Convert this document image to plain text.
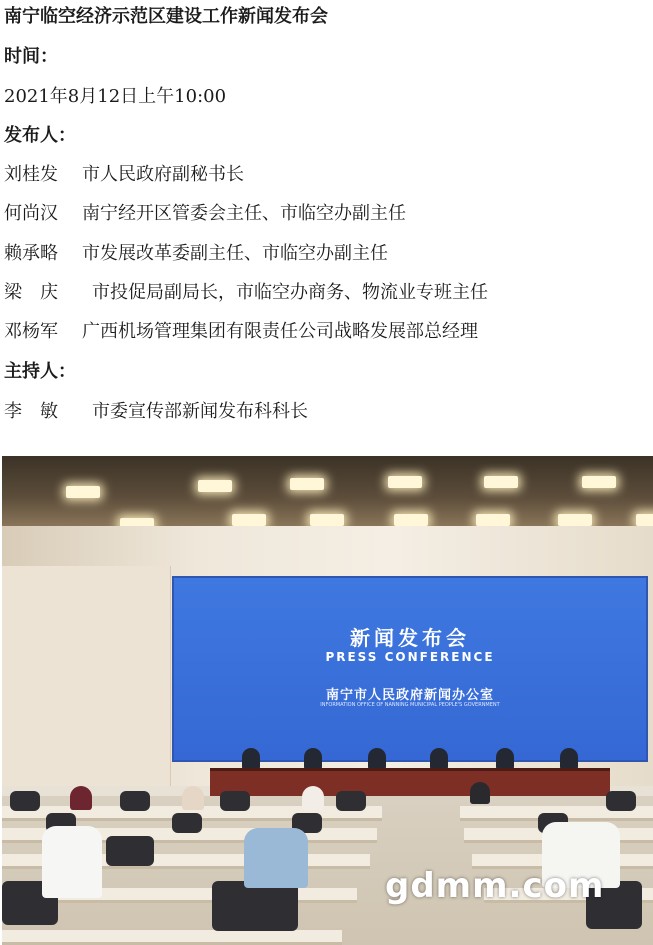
南宁临空经济示范区建设工作新闻发布会
时间：
2021年8月12日上午10:00
发布人：
刘桂发 市人民政府副秘书长
何尚汉 南宁经开区管委会主任、市临空办副主任
赖承略 市发展改革委副主任、市临空办副主任
梁　庆 市投促局副局长，市临空办商务、物流业专班主任
邓杨军 广西机场管理集团有限责任公司战略发展部总经理
主持人：
李　敏 市委宣传部新闻发布科科长
新闻发布会
PRESS CONFERENCE
南宁市人民政府新闻办公室
INFORMATION OFFICE OF NANNING MUNICIPAL PEOPLE'S GOVERNMENT
gdmm.com
